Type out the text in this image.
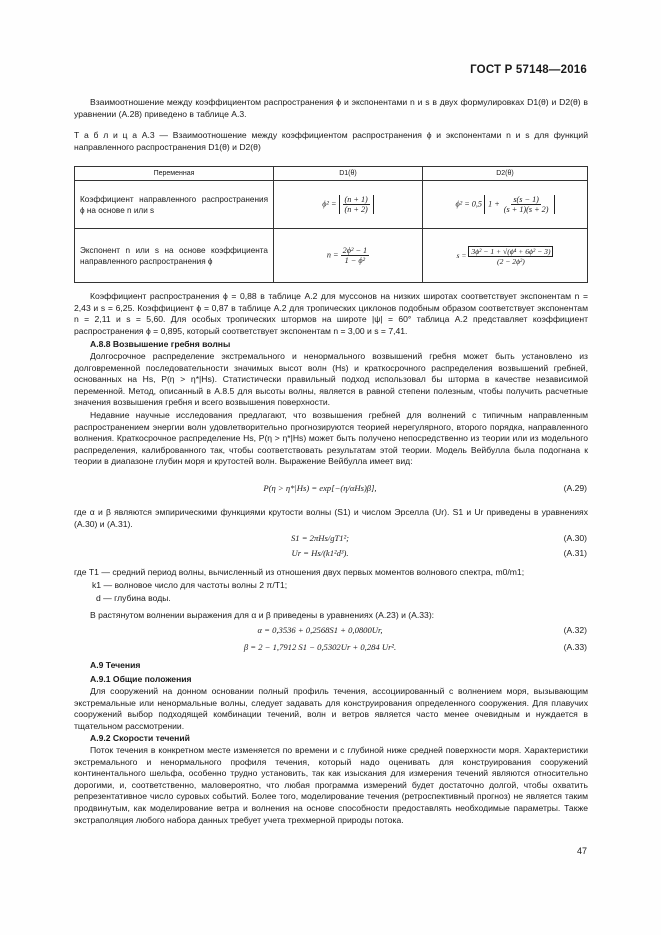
ГОСТ Р 57148—2016
Взаимоотношение между коэффициентом распространения ϕ и экспонентами n и s в двух формулировках D1(θ) и D2(θ) в уравнении (А.28) приведено в таблице А.3.
Т а б л и ц а А.3 — Взаимоотношение между коэффициентом распространения ϕ и экспонентами n и s для функций направленного распространения D1(θ) и D2(θ)
Переменная	D1(θ)	D2(θ)
Коэффициент направленного распространения ϕ на основе n или s	$\phi^2 = \frac{(n + 1)}{(n + 2)}$	ϕ² = 0,5 $1 + \frac{s(s - 1)}{(s + 1)(s + 2)}$

Экспонент n или s на основе коэффициента направленного распространения ϕ	$n = \frac{\text{2ϕ² − 1}}{\text{1 − ϕ²}}$	$s = \frac{\text{3ϕ² − 1 + √(ϕ⁴ + 6ϕ² − 3)}}{\text{(2 − 2ϕ²)}}$
Коэффициент распространения ϕ = 0,88 в таблице А.2 для муссонов на низких широтах соответствует экспонентам n = 2,43 и s = 6,25. Коэффициент ϕ = 0,87 в таблице А.2 для тропических циклонов подобным образом соответствует экспонентам n = 2,11 и s = 5,60. Для особых тропических штормов на широте |ψ| = 60° таблица А.2 представляет коэффициент распространения ϕ = 0,895, который соответствует экспонентам n = 3,00 и s = 7,41.
А.8.8 Возвышение гребня волны
Долгосрочное распределение экстремального и ненормального возвышений гребня может быть установлено из долговременной последовательности значимых высот волн (Hs) и краткосрочного распределения возвышений гребней, основанных на Hs, P(η > η*|Hs). Статистически правильный подход использовал бы шторма в качестве независимой переменной. Метод, описанный в А.8.5 для высоты волны, является в равной степени полезным, чтобы получить расчетные значения возвышения гребня и всего возвышения поверхности.
Недавние научные исследования предлагают, что возвышения гребней для волнений с типичным направленным распространением энергии волн удовлетворительно прогнозируются теорией нерегулярного, второго порядка, направленного волнения. Краткосрочное распределение Hs, P(η > η*|Hs) может быть получено непосредственно из теории или из модельного распределения, калиброванного так, чтобы соответствовать результатам этой теории. Модель Вейбулла была подогнана к теории в диапазоне глубин моря и крутостей волн. Выражение Вейбулла имеет вид:
P(η > η*|Hs) = exp[−(η/αHs)β],	(А.29)
где α и β являются эмпирическими функциями крутости волны (S1) и числом Эрселла (Ur). S1 и Ur приведены в уравнениях (А.30) и (А.31).
S1 = 2πHs/gT1²;	(А.30)
Ur = Hs/(k1²d³).	(А.31)
где T1 — средний период волны, вычисленный из отношения двух первых моментов волнового спектра, m0/m1;
k1 — волновое число для частоты волны 2 π/T1;
d — глубина воды.
В растянутом волнении выражения для α и β приведены в уравнениях (А.23) и (А.33):
α = 0,3536 + 0,2568S1 + 0,0800Ur,	(А.32)
β = 2 − 1,7912 S1 − 0,5302Ur + 0,284 Ur².	(А.33)
А.9 Течения
А.9.1 Общие положения
Для сооружений на донном основании полный профиль течения, ассоциированный с волнением моря, вызывающим экстремальные или ненормальные волны, следует задавать для конструирования определенного сооружения. Для плавучих сооружений выбор подходящей комбинации течений, волн и ветров является часто менее очевидным и нуждается в тщательном рассмотрении.
А.9.2 Скорости течений
Поток течения в конкретном месте изменяется по времени и с глубиной ниже средней поверхности моря. Характеристики экстремального и ненормального профиля течения, который надо оценивать для конструирования сооружений континентального шельфа, особенно трудно установить, так как изыскания для измерения течений являются относительно дорогими, и, соответственно, маловероятно, что любая программа измерений будет достаточно долгой, чтобы охватить репрезентативное число суровых событий. Более того, моделирование течения (ретроспективный прогноз) не является таким продвинутым, как моделирование ветра и волнения на основе способности предоставлять необходимые параметры. Также экстраполяция любого набора данных требует учета трехмерной природы потока.
47
